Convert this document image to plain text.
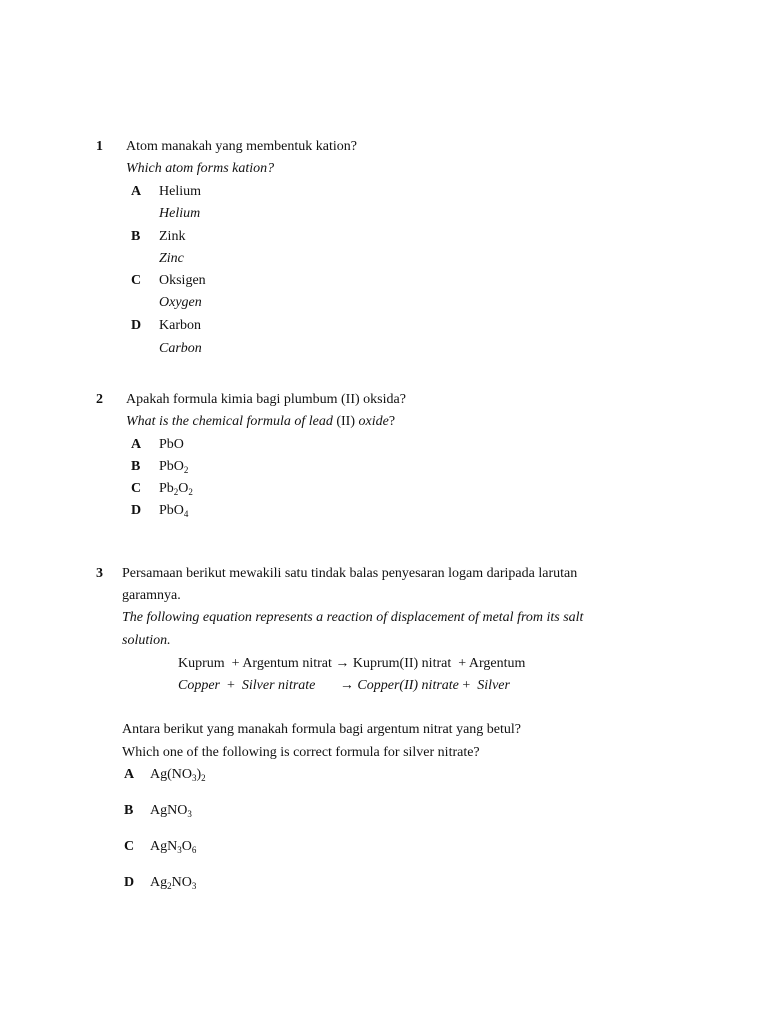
1 Atom manakah yang membentuk kation?
Which atom forms kation?
A Helium
Helium
B Zink
Zinc
C Oksigen
Oxygen
D Karbon
Carbon
2 Apakah formula kimia bagi plumbum (II) oksida?
What is the chemical formula of lead (II) oxide?
A PbO
B PbO$_2$
C $Pb_2O_2$
D PbO$_4$
3 Persamaan berikut mewakili satu tindak balas penyesaran logam daripada larutan
garamnya.
The following equation represents a reaction of displacement of metal from its salt
solution.
Kuprum + Argentum nitrat → Kuprum(II) nitrat + Argentum
Copper + Silver nitrate → Copper(II) nitrate + Silver
Antara berikut yang manakah formula bagi argentum nitrat yang betul?
Which one of the following is correct formula for silver nitrate?
A $Ag(NO_3)_2$
B AgNO$_3$
C $AgN_3O_6$
D $Ag_2NO_3$
